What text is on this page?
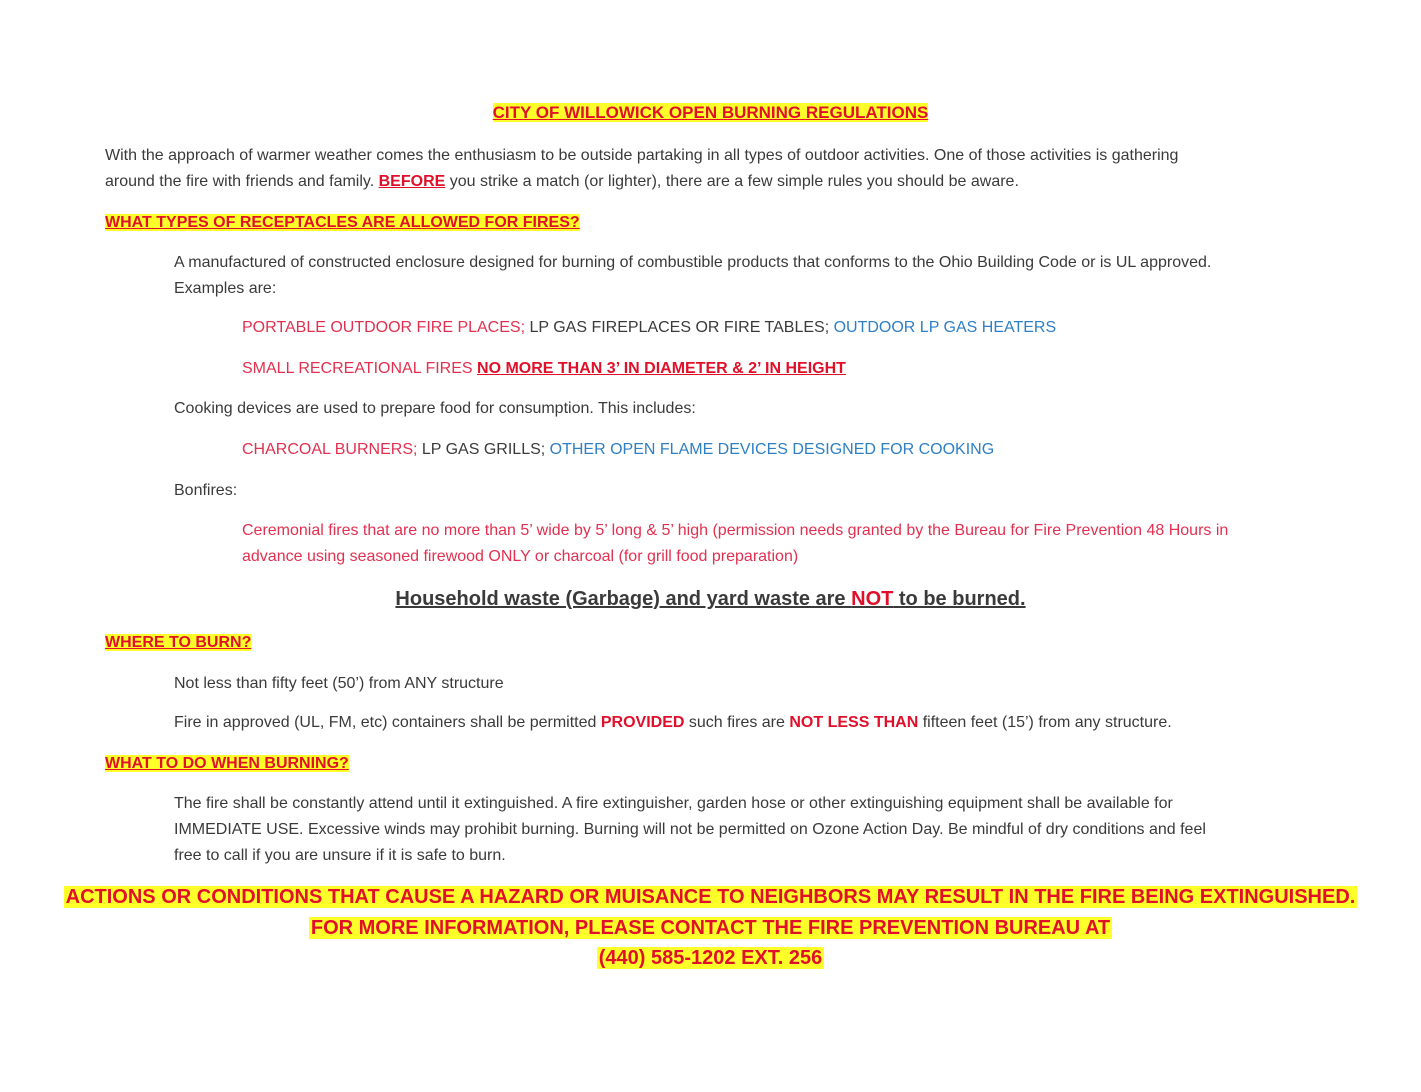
CITY OF WILLOWICK OPEN BURNING REGULATIONS
With the approach of warmer weather comes the enthusiasm to be outside partaking in all types of outdoor activities. One of those activities is gathering
around the fire with friends and family. BEFORE you strike a match (or lighter), there are a few simple rules you should be aware.
WHAT TYPES OF RECEPTACLES ARE ALLOWED FOR FIRES?
A manufactured of constructed enclosure designed for burning of combustible products that conforms to the Ohio Building Code or is UL approved.
Examples are:
PORTABLE OUTDOOR FIRE PLACES; LP GAS FIREPLACES OR FIRE TABLES; OUTDOOR LP GAS HEATERS
SMALL RECREATIONAL FIRES NO MORE THAN 3’ IN DIAMETER & 2’ IN HEIGHT
Cooking devices are used to prepare food for consumption. This includes:
CHARCOAL BURNERS; LP GAS GRILLS; OTHER OPEN FLAME DEVICES DESIGNED FOR COOKING
Bonfires:
Ceremonial fires that are no more than 5’ wide by 5’ long & 5’ high (permission needs granted by the Bureau for Fire Prevention 48 Hours in
advance using seasoned firewood ONLY or charcoal (for grill food preparation)
Household waste (Garbage) and yard waste are NOT to be burned.
WHERE TO BURN?
Not less than fifty feet (50’) from ANY structure
Fire in approved (UL, FM, etc) containers shall be permitted PROVIDED such fires are NOT LESS THAN fifteen feet (15’) from any structure.
WHAT TO DO WHEN BURNING?
The fire shall be constantly attend until it extinguished. A fire extinguisher, garden hose or other extinguishing equipment shall be available for
IMMEDIATE USE. Excessive winds may prohibit burning. Burning will not be permitted on Ozone Action Day. Be mindful of dry conditions and feel
free to call if you are unsure if it is safe to burn.
ACTIONS OR CONDITIONS THAT CAUSE A HAZARD OR MUISANCE TO NEIGHBORS MAY RESULT IN THE FIRE BEING EXTINGUISHED.
FOR MORE INFORMATION, PLEASE CONTACT THE FIRE PREVENTION BUREAU AT
(440) 585-1202 EXT. 256
